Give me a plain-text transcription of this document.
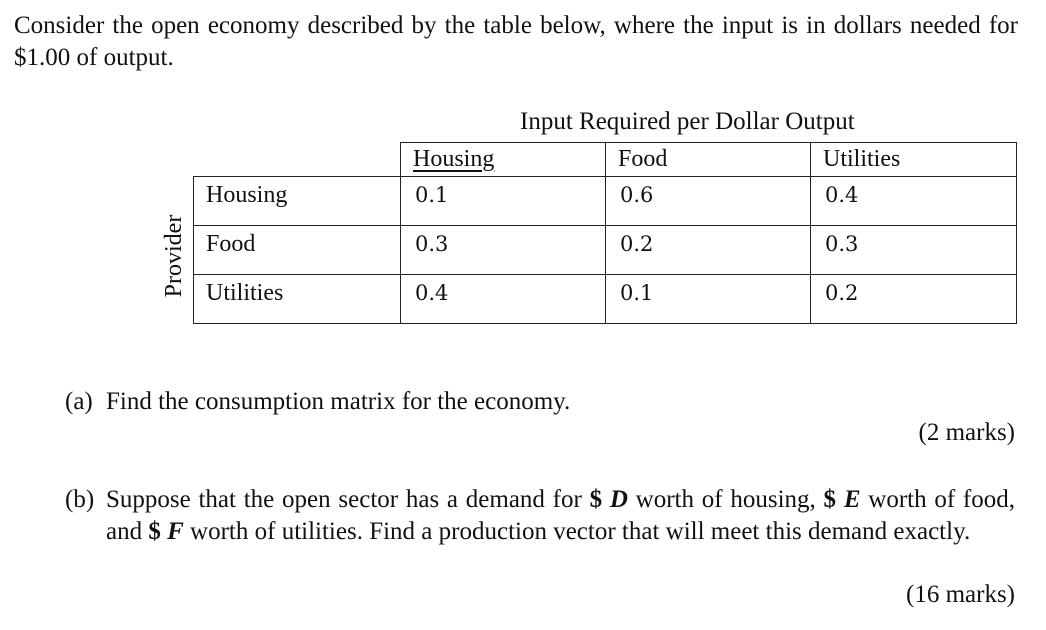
Consider the open economy described by the table below, where the input is in dollars needed for $1.00 of output.

Input Required per Dollar Output
Provider
	Housing	Food	Utilities
Housing	0.1	0.6	0.4
Food	0.3	0.2	0.3
Utilities	0.4	0.1	0.2

(a) Find the consumption matrix for the economy.

(2 marks)

(b) Suppose that the open sector has a demand for $ D worth of housing, $ E worth of food, and $ F worth of utilities. Find a production vector that will meet this demand exactly.

(16 marks)
